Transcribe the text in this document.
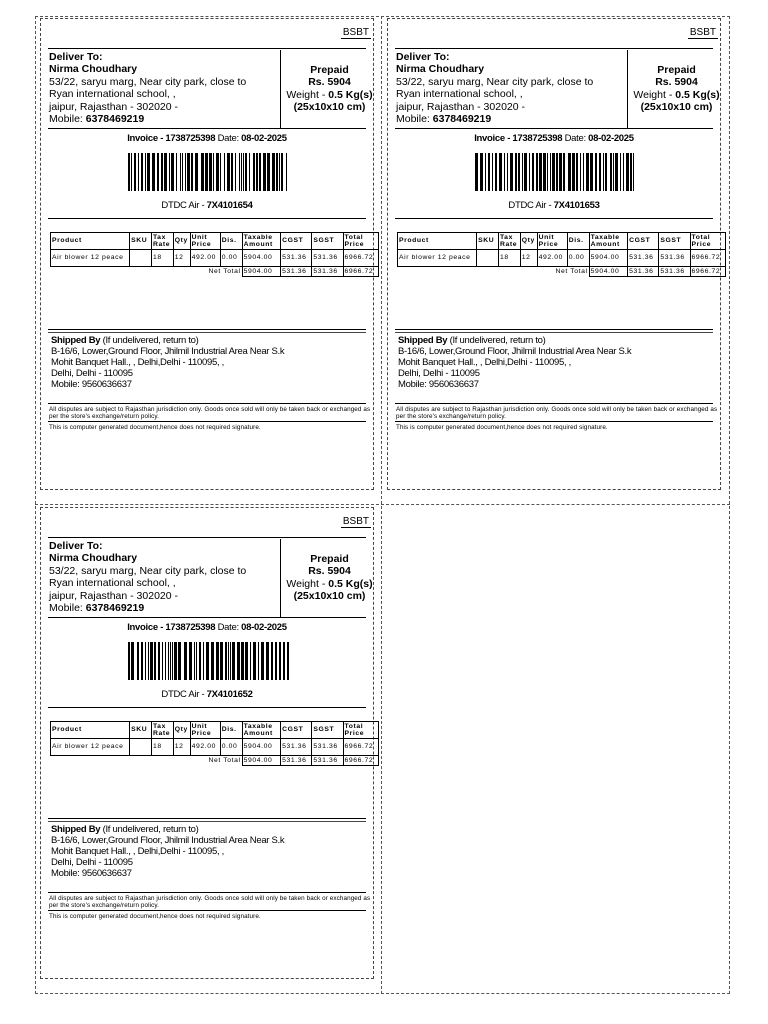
BSBT
Deliver To:
Nirma Choudhary
53/22, saryu marg, Near city park, close to
Ryan international school, ,
jaipur, Rajasthan - 302020 -
Mobile: 6378469219
Prepaid
Rs. 5904
Weight - 0.5 Kg(s)
(25x10x10 cm)
Invoice - 1738725398 Date: 08-02-2025
DTDC Air - 7X4101654
Product	SKU	Tax Rate	Qty	Unit Price	Dis.	Taxable Amount	CGST	SGST	Total Price
Air blower 12 peace		18	12	492.00	0.00	5904.00	531.36	531.36	6966.72
Net Total						5904.00	531.36	531.36	6966.72
Shipped By (If undelivered, return to)
B-16/6, Lower,Ground Floor, Jhilmil Industrial Area Near S.k
Mohit Banquet Hall., , Delhi,Delhi - 110095, ,
Delhi, Delhi - 110095
Mobile: 9560636637
All disputes are subject to Rajasthan jurisdiction only. Goods once sold will only be taken back or exchanged as per the store's exchange/return policy.
This is computer generated document,hence does not required signature.
BSBT
Deliver To:
Nirma Choudhary
53/22, saryu marg, Near city park, close to
Ryan international school, ,
jaipur, Rajasthan - 302020 -
Mobile: 6378469219
Prepaid
Rs. 5904
Weight - 0.5 Kg(s)
(25x10x10 cm)
Invoice - 1738725398 Date: 08-02-2025
DTDC Air - 7X4101653
Product	SKU	Tax Rate	Qty	Unit Price	Dis.	Taxable Amount	CGST	SGST	Total Price
Air blower 12 peace		18	12	492.00	0.00	5904.00	531.36	531.36	6966.72
Net Total						5904.00	531.36	531.36	6966.72
Shipped By (If undelivered, return to)
B-16/6, Lower,Ground Floor, Jhilmil Industrial Area Near S.k
Mohit Banquet Hall., , Delhi,Delhi - 110095, ,
Delhi, Delhi - 110095
Mobile: 9560636637
All disputes are subject to Rajasthan jurisdiction only. Goods once sold will only be taken back or exchanged as per the store's exchange/return policy.
This is computer generated document,hence does not required signature.
BSBT
Deliver To:
Nirma Choudhary
53/22, saryu marg, Near city park, close to
Ryan international school, ,
jaipur, Rajasthan - 302020 -
Mobile: 6378469219
Prepaid
Rs. 5904
Weight - 0.5 Kg(s)
(25x10x10 cm)
Invoice - 1738725398 Date: 08-02-2025
DTDC Air - 7X4101652
Product	SKU	Tax Rate	Qty	Unit Price	Dis.	Taxable Amount	CGST	SGST	Total Price
Air blower 12 peace		18	12	492.00	0.00	5904.00	531.36	531.36	6966.72
Net Total						5904.00	531.36	531.36	6966.72
Shipped By (If undelivered, return to)
B-16/6, Lower,Ground Floor, Jhilmil Industrial Area Near S.k
Mohit Banquet Hall., , Delhi,Delhi - 110095, ,
Delhi, Delhi - 110095
Mobile: 9560636637
All disputes are subject to Rajasthan jurisdiction only. Goods once sold will only be taken back or exchanged as per the store's exchange/return policy.
This is computer generated document,hence does not required signature.
